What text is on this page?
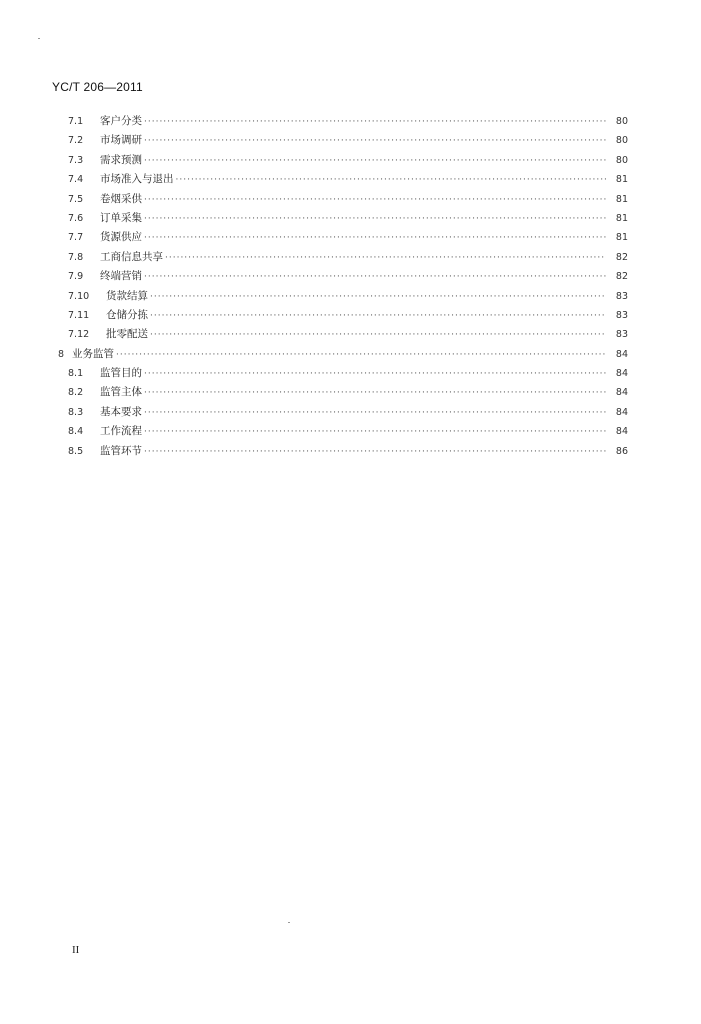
YC/T 206—2011
7.1	客户分类 ·····	80
7.2	市场调研 ·····	80
7.3	需求预测 ·····	80
7.4	市场准入与退出 ·····	81
7.5	卷烟采供 ·····	81
7.6	订单采集 ·····	81
7.7	货源供应 ·····	81
7.8	工商信息共享 ·····	82
7.9	终端营销 ·····	82
7.10	货款结算 ·····	83
7.11	仓储分拣 ·····	83
7.12	批零配送 ·····	83
8 业务监管 ·····	84
8.1	监管目的 ·····	84
8.2	监管主体 ·····	84
8.3	基本要求 ·····	84
8.4	工作流程 ·····	84
8.5	监管环节 ·····	86
II
